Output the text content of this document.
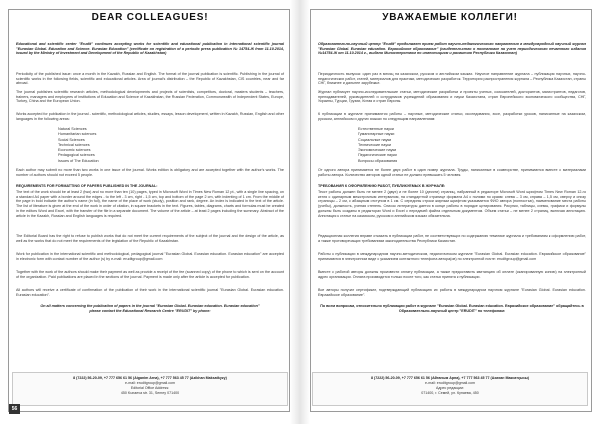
DEAR COLLEAGUES!

Educational and scientific center "Erudit" continues accepting works for scientific and educational publication in international scientific journal "Eurasian Global. Education and Science. Eurasian Education" (certificate on registration of a periodic press publication № 14754-Ж from 11.10.2014, issued by the Ministry of Investment and Development of the Republic of Kazakhstan)

Periodicity of the published issue: once a month in the Kazakh, Russian and English. The format of the journal publication is scientific. Publishing in the journal of scientific works in the following fields, scientific and educational articles. Area of journal's distribution – the Republic of Kazakhstan, CIS countries, near and far abroad.

The journal publishes scientific research articles, methodological developments and projects of scientists, competitors, doctoral, masters students – teachers, trainers, managers and employees of institutions of Education and Science of Kazakhstan, the Russian Federation, Commonwealth of Independent States, Europe, Turkey, China and the European Union.

Works accepted for publication in the journal - scientific, methodological articles, studies, essays, lesson development, written in Kazakh, Russian, English and other languages in the following areas:

Natural Sciences
Humanitarian sciences
Social Sciences
Technical sciences
Economic sciences
Pedagogical sciences
Issues of The Education

Each author may submit no more than two works in one issue of the journal. Works edition is obligatory and are accepted together with the author's works. The number of authors should not exceed 5 people.

REQUIREMENTS FOR FORMATTING OF PAPERS PUBLISHED IN THE JOURNAL:

The text of the work should be at least 2 (two) and no more than ten (10) pages, typed in Microsoft Word in Times New Roman 12 pt., with a single line spacing, on a standard A4 paper with a border around the edges - to the left - 3 cm, right - 1,5 cm, top and bottom of the page 2 cm, with indenting of 1 cm. From the middle of the page in bold indicate the author's name (in full), the name of the place of work (study), position and rank, degree. An index is indicated in the text of the article. The list of literature is given at the end of the work in order of citation, in square brackets in the text. Figures, tables, diagrams, charts and formulas must be created in the editors Word and Excel, with the transfer of the file in a separate document. The volume of the article – at least 2 pages including the summary. Abstract of the article in the Kazakh, Russian and English languages is required.

The Editorial Board has the right to refuse to publish works that do not meet the current requirements of the subject of the journal and the design of the article, as well as the works that do not meet the requirements of the legislation of the Republic of Kazakhstan.

Work for publication in the international scientific and methodological, pedagogical journal "Eurasian Global. Eurasian education. Eurasian education" are accepted in electronic form with contact number of the author (s) by e-mail: eruditgroup@gmail.com

Together with the work of the authors should make their payment as well as provide a receipt of the fee (scanned copy) of the phone to which is sent on the account of the organization. Paid publications are placed in the sections of the journal. Payment is made only after the article is accepted for publication.

All authors will receive a certificate of confirmation of the publication of their work in the international scientific journal "Eurasian Global. Eurasian education. Eurasian education".

On all matters concerning the publication of papers in the journal "Eurasian Global. Eurasian education. Eurasian education" please contact the Educational Research Centre "ERUDIT" by phone:

8 (7222) 56-20-09, +7 777 656 61 56 (Aiganim Arna), +7 777 563 45 77 (Azikhan Maksatkyzy)
e-mail: eruditgroup@gmail.com
Editorial Office Address:
450 Kunaeva str. 31, Semey 071400
56
УВАЖАЕМЫЕ КОЛЛЕГИ!

Образовательно-научный центр "Erudit" продолжает прием работ научно-педагогического направления в международный научный журнал "Eurasian Global. Eurasian education. Евразийское образование" (свидетельство о постановке на учет периодического печатного издания №14754-Ж от 11.10.2014 г., выдано Министерством по инвестициям и развитию Республики Казахстан)

Периодичность выпуска: один раз в месяц на казахском, русском и английском языках. Научное направление журнала – публикация научных, научно-педагогических работ, статей, материалов для практики, методических разработок. Территория распространения журнала – Республика Казахстан, страны СНГ, ближнее и дальнее зарубежье.

Журнал публикует научно-исследовательские статьи, методические разработки и проекты ученых, соискателей, докторантов, магистрантов, педагогов, преподавателей, руководителей и сотрудников учреждений образования и науки Казахстана, стран Европейского экономического сообщества, СНГ, Украины, Турции, Грузии, Китая и стран Европы.

К публикации в журнале принимаются работы – научные, методические статьи, исследования, эссе, разработки уроков, написанные на казахском, русском, английском и других языках по следующим направлениям:

Естественные науки
Гуманитарные науки
Социальные науки
Технические науки
Экономические науки
Педагогические науки
Вопросы образования

От одного автора принимается не более двух работ в один номер журнала. Труды, написанные в соавторстве, принимаются вместе с материалами работы автора. Количество авторов одной статьи не должно превышать 5 человек.

ТРЕБОВАНИЯ К ОФОРМЛЕНИЮ РАБОТ, ПУБЛИКУЕМЫХ В ЖУРНАЛЕ:

Текст работы должен быть не менее 2 (двух) и не более 10 (десяти) страниц, набранный в редакторе Microsoft Word шрифтом Times New Roman 12-го кегля с одинарным межстрочным интервалом, на стандартной странице формата А4 с полями по краям: слева – 3 см, справа – 1,5 см, сверху и снизу страницы – 2 см, с абзацным отступом в 1 см. С середины строки жирным шрифтом указывается ФИО автора (полностью), наименование места работы (учебы), должность, ученая степень. Список литературы дается в конце работы в порядке цитирования. Рисунки, таблицы, схемы, графики и формулы должны быть созданы в редакторах Word и Excel с передачей файла отдельным документом. Объем статьи – не менее 2 страниц, включая аннотацию. Аннотация к статье на казахском, русском и английском языках обязательна.

Редакционная коллегия вправе отказать в публикации работ, не соответствующих по содержанию тематике журнала и требованиям к оформлению работ, а также противоречащих требованиям законодательства Республики Казахстан.

Работы к публикации в международном научно-методическом, педагогическом журнале "Eurasian Global. Eurasian education. Евразийское образование" принимаются в электронном виде с указанием контактного телефона автора(ов) по электронной почте: eruditgroup@gmail.com

Вместе с работой авторы должны произвести оплату публикации, а также предоставить квитанцию об оплате (сканированную копию) на электронный адрес организации. Оплата производится только после того, как статья принята к публикации.

Все авторы получат сертификат, подтверждающий публикацию их работы в международном научном журнале "Eurasian Global. Eurasian education. Евразийское образование".

По всем вопросам, относительно публикации работ в журнале "Eurasian Global. Eurasian education. Евразийское образование" обращайтесь в Образовательно-научный центр "ERUDIT" по телефонам:

8 (7222) 56-20-09, +7 777 656 61 56 (Айганым Арна), +7 777 563 45 77 (Азихан Максатқызы)
e-mail: eruditgroup@gmail.com
Адрес редакции:
071400, г. Семей, ул. Кунаева, 450
